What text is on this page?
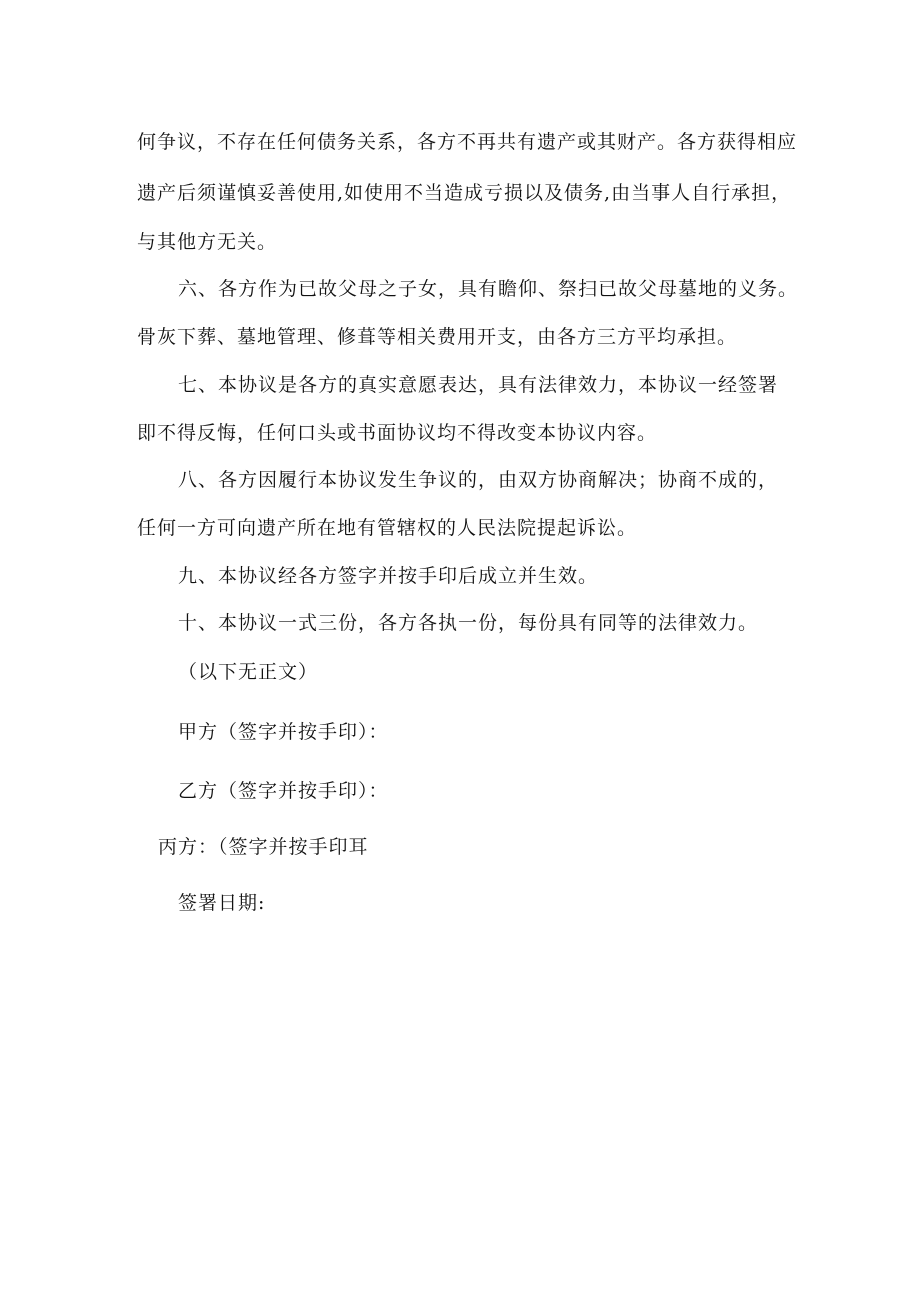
何争议，不存在任何债务关系，各方不再共有遗产或其财产。各方获得相应
遗产后须谨慎妥善使用,如使用不当造成亏损以及债务,由当事人自行承担，
与其他方无关。
六、各方作为已故父母之子女，具有瞻仰、祭扫已故父母墓地的义务。
骨灰下葬、墓地管理、修葺等相关费用开支，由各方三方平均承担。
七、本协议是各方的真实意愿表达，具有法律效力，本协议一经签署
即不得反悔，任何口头或书面协议均不得改变本协议内容。
八、各方因履行本协议发生争议的，由双方协商解决；协商不成的，
任何一方可向遗产所在地有管辖权的人民法院提起诉讼。
九、本协议经各方签字并按手印后成立并生效。
十、本协议一式三份，各方各执一份，每份具有同等的法律效力。
（以下无正文）
甲方（签字并按手印）：
乙方（签字并按手印）：
丙方：（签字并按手印耳
签署日期:
